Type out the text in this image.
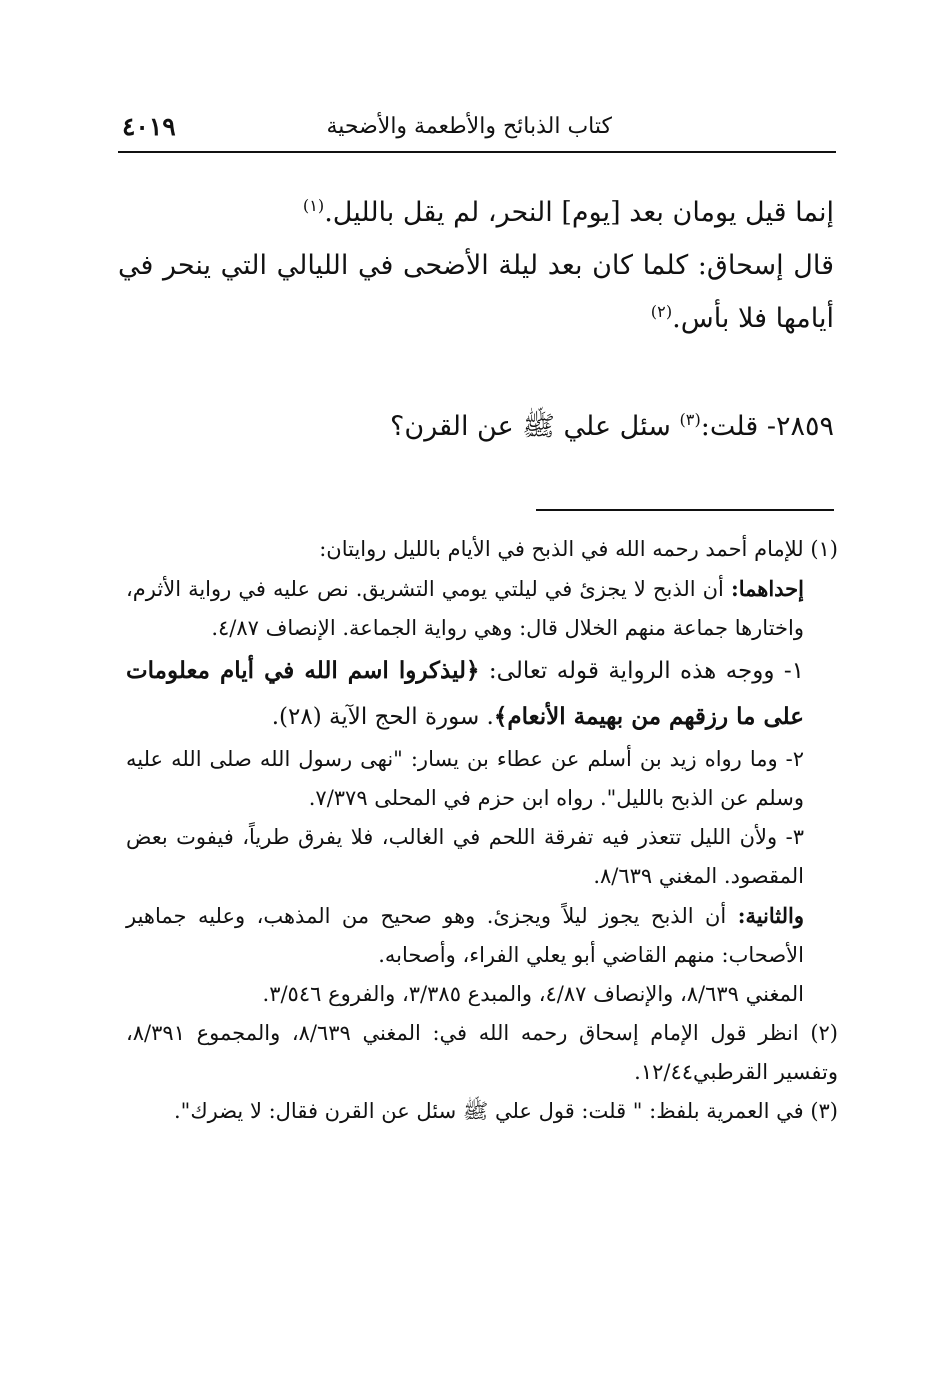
كتاب الذبائح والأطعمة والأضحية
٤٠١٩

إنما قيل يومان بعد [يوم] النحر، لم يقل بالليل.$^{(١)}$

قال إسحاق: كلما كان بعد ليلة الأضحى في الليالي التي ينحر في أيامها فلا بأس.$^{(٢)}$

٢٨٥٩- قلت:$^{(٣)}$ سئل علي ﷺ عن القرن؟

(١) للإمام أحمد رحمه الله في الذبح في الأيام بالليل روايتان:

إحداهما: أن الذبح لا يجزئ في ليلتي يومي التشريق. نص عليه في رواية الأثرم، واختارها جماعة منهم الخلال قال: وهي رواية الجماعة. الإنصاف ٤/٨٧.

١- ووجه هذه الرواية قوله تعالى: ﴿ليذكروا اسم الله في أيام معلومات على ما رزقهم من بهيمة الأنعام﴾. سورة الحج الآية (٢٨).

٢- وما رواه زيد بن أسلم عن عطاء بن يسار: "نهى رسول الله صلى الله عليه وسلم عن الذبح بالليل". رواه ابن حزم في المحلى ٧/٣٧٩.

٣- ولأن الليل تتعذر فيه تفرقة اللحم في الغالب، فلا يفرق طرياً، فيفوت بعض المقصود. المغني ٨/٦٣٩.

والثانية: أن الذبح يجوز ليلاً ويجزئ. وهو صحيح من المذهب، وعليه جماهير الأصحاب: منهم القاضي أبو يعلي الفراء، وأصحابه.

المغني ٨/٦٣٩، والإنصاف ٤/٨٧، والمبدع ٣/٣٨٥، والفروع ٣/٥٤٦.

(٢) انظر قول الإمام إسحاق رحمه الله في: المغني ٨/٦٣٩، والمجموع ٨/٣٩١، وتفسير القرطبي١٢/٤٤.

(٣) في العمرية بلفظ: " قلت: قول علي ﷺ سئل عن القرن فقال: لا يضرك".
